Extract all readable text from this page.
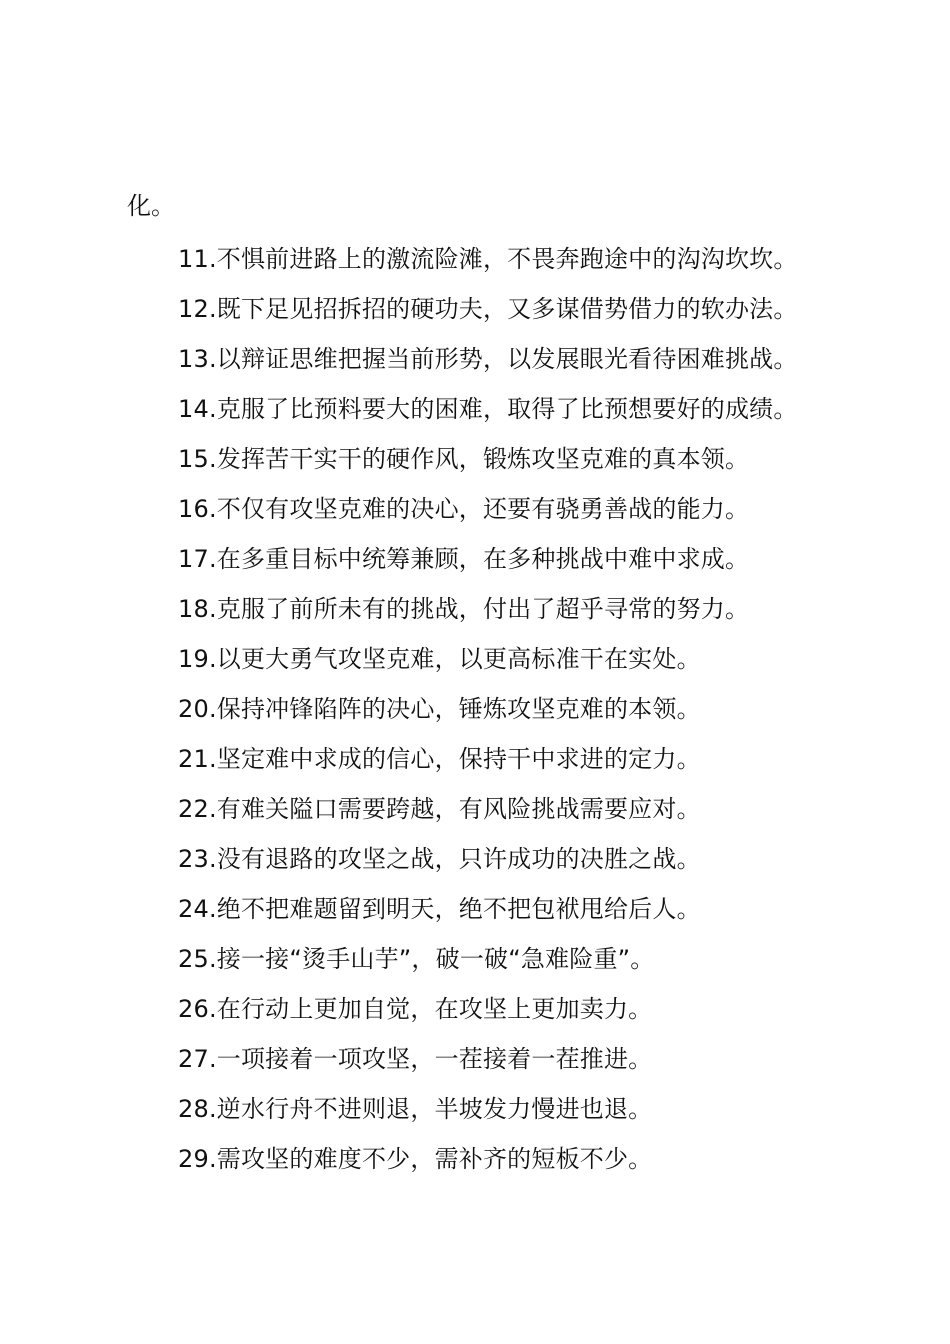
化。
11.不惧前进路上的激流险滩，不畏奔跑途中的沟沟坎坎。
12.既下足见招拆招的硬功夫，又多谋借势借力的软办法。
13.以辩证思维把握当前形势，以发展眼光看待困难挑战。
14.克服了比预料要大的困难，取得了比预想要好的成绩。
15.发挥苦干实干的硬作风，锻炼攻坚克难的真本领。
16.不仅有攻坚克难的决心，还要有骁勇善战的能力。
17.在多重目标中统筹兼顾，在多种挑战中难中求成。
18.克服了前所未有的挑战，付出了超乎寻常的努力。
19.以更大勇气攻坚克难，以更高标准干在实处。
20.保持冲锋陷阵的决心，锤炼攻坚克难的本领。
21.坚定难中求成的信心，保持干中求进的定力。
22.有难关隘口需要跨越，有风险挑战需要应对。
23.没有退路的攻坚之战，只许成功的决胜之战。
24.绝不把难题留到明天，绝不把包袱甩给后人。
25.接一接“烫手山芋”，破一破“急难险重”。
26.在行动上更加自觉，在攻坚上更加卖力。
27.一项接着一项攻坚，一茬接着一茬推进。
28.逆水行舟不进则退，半坡发力慢进也退。
29.需攻坚的难度不少，需补齐的短板不少。
